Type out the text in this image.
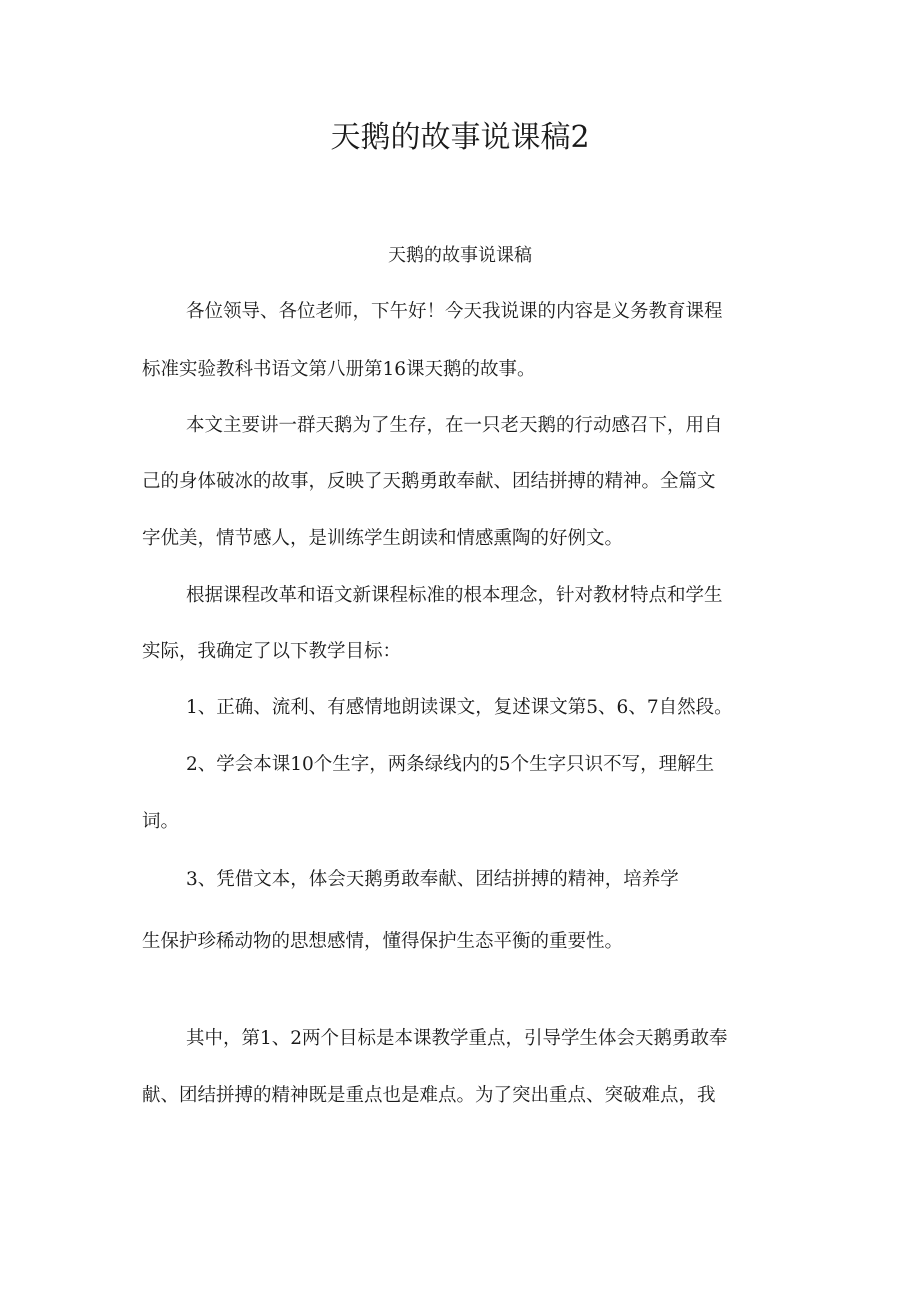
天鹅的故事说课稿2
天鹅的故事说课稿
各位领导、各位老师，下午好！今天我说课的内容是义务教育课程
标准实验教科书语文第八册第16课天鹅的故事。
本文主要讲一群天鹅为了生存，在一只老天鹅的行动感召下，用自
己的身体破冰的故事，反映了天鹅勇敢奉献、团结拼搏的精神。全篇文
字优美，情节感人，是训练学生朗读和情感熏陶的好例文。
根据课程改革和语文新课程标准的根本理念，针对教材特点和学生
实际，我确定了以下教学目标：
1、正确、流利、有感情地朗读课文，复述课文第5、6、7自然段。
2、学会本课10个生字，两条绿线内的5个生字只识不写，理解生
词。
3、凭借文本，体会天鹅勇敢奉献、团结拼搏的精神，培养学
生保护珍稀动物的思想感情，懂得保护生态平衡的重要性。
其中，第1、2两个目标是本课教学重点，引导学生体会天鹅勇敢奉
献、团结拼搏的精神既是重点也是难点。为了突出重点、突破难点，我
